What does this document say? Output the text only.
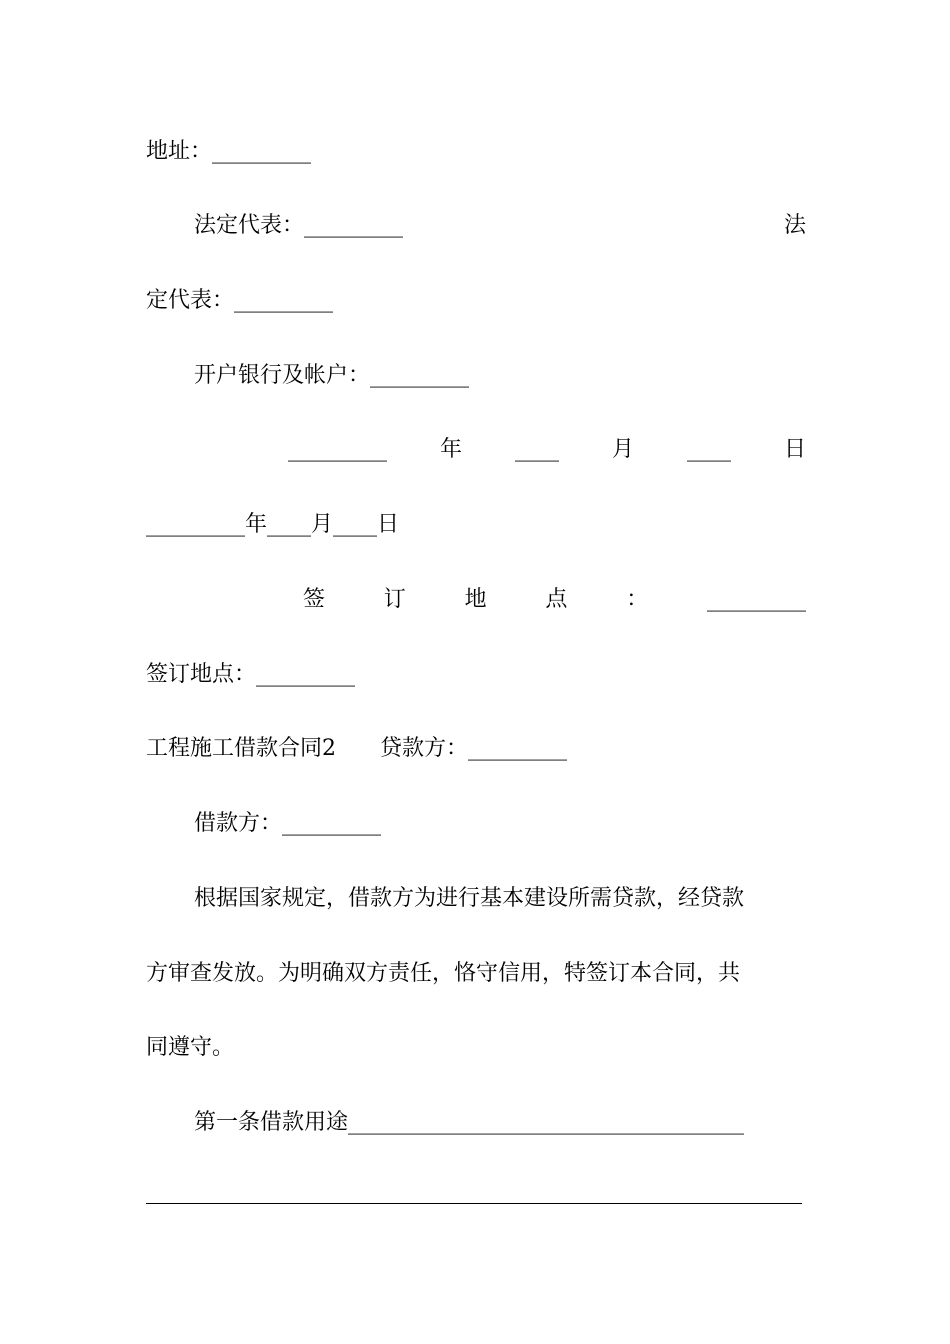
地址：_________
法定代表：_________	法
定代表：_________
开户银行及帐户：_________
_________ 年 ____ 月 ____ 日
_________年____月____日
签	订	地	点	：	_________
签订地点：_________
工程施工借款合同2 贷款方：_________
借款方：_________
根据国家规定，借款方为进行基本建设所需贷款，经贷款
方审查发放。为明确双方责任，恪守信用，特签订本合同，共
同遵守。
第一条借款用途____________________________________
